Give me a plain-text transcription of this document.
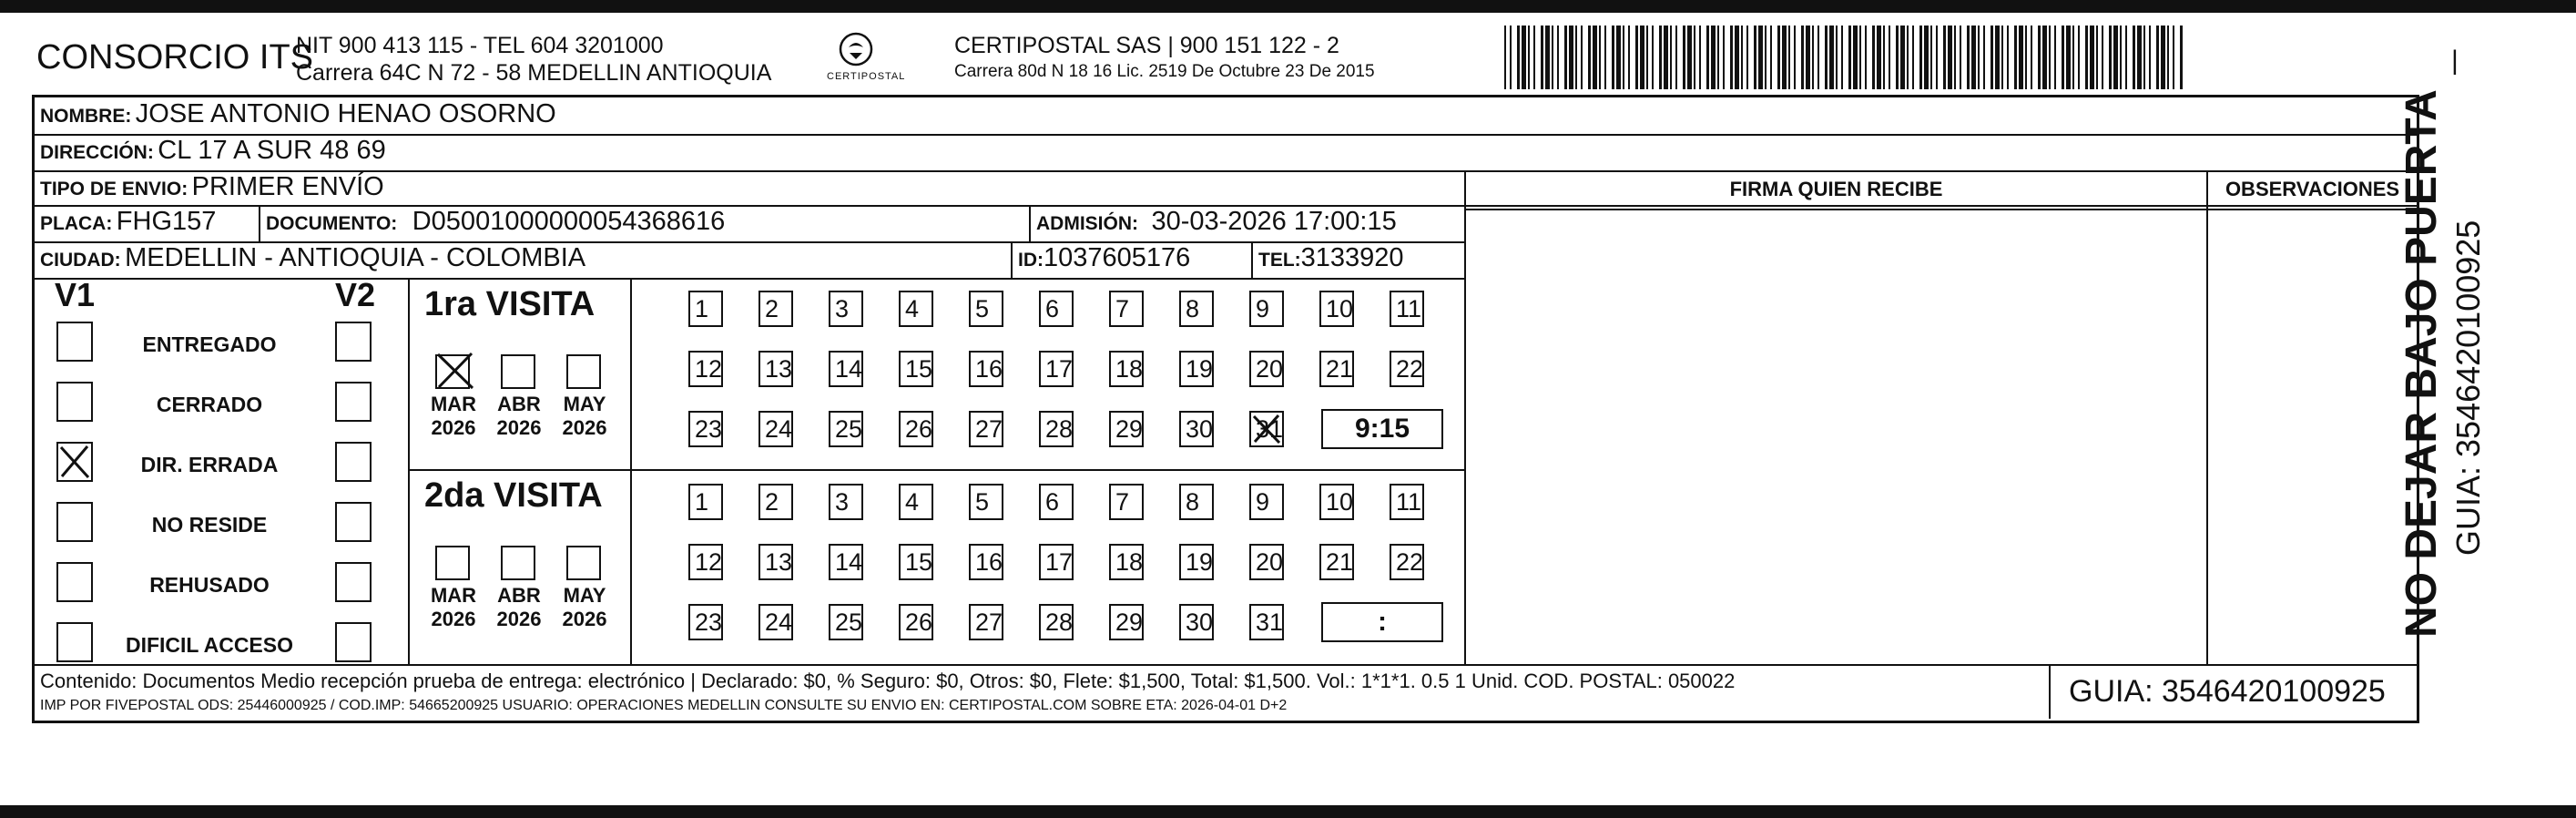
CONSORCIO ITS
NIT 900 413 115 - TEL 604 3201000
Carrera 64C N 72 - 58 MEDELLIN ANTIOQUIA	CERTIPOSTAL
CERTIPOSTAL SAS | 900 151 122 - 2
Carrera 80d N 18 16 Lic. 2519 De Octubre 23 De 2015	|
NOMBRE: JOSE ANTONIO HENAO OSORNO
DIRECCIÓN: CL 17 A SUR 48 69
TIPO DE ENVIO: PRIMER ENVÍO
PLACA: FHG157	DOCUMENTO: D05001000000054368616	ADMISIÓN: 30-03-2026 17:00:15
CIUDAD: MEDELLIN - ANTIOQUIA - COLOMBIA	ID:1037605176	TEL:3133920
FIRMA QUIEN RECIBE	OBSERVACIONES
V1	V2
ENTREGADO
CERRADO
DIR. ERRADA
NO RESIDE
REHUSADO
DIFICIL ACCESO
1ra VISITA
2da VISITA
MAR
2026
ABR
2026
MAY
2026
MAR
2026
ABR
2026
MAY
2026
1	2	3	4	5	6	7	8	9	10 11
12 13 14 15 16 17 18 19 20 21 22
23 24 25 26 27 28 29 30 31	9:15
1	2	3	4	5	6	7	8	9	10 11
12 13 14 15 16 17 18 19 20 21 22
23 24 25 26 27 28 29 30 31	:
Contenido: Documentos Medio recepción prueba de entrega: electrónico | Declarado: $0, % Seguro: $0, Otros: $0, Flete: $1,500, Total: $1,500. Vol.: 1*1*1. 0.5 1 Unid. COD. POSTAL: 050022
IMP POR FIVEPOSTAL ODS: 25446000925 / COD.IMP: 54665200925 USUARIO: OPERACIONES MEDELLIN CONSULTE SU ENVIO EN: CERTIPOSTAL.COM SOBRE ETA: 2026-04-01 D+2	GUIA: 3546420100925
NO DEJAR BAJO PUERTA GUIA: 3546420100925
